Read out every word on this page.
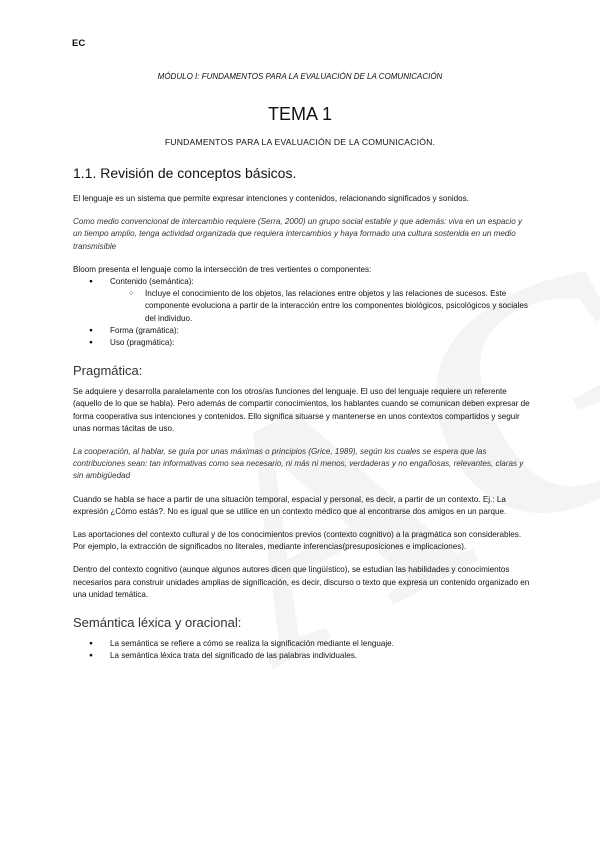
EC
MÓDULO I: FUNDAMENTOS PARA LA EVALUACIÓN DE LA COMUNICACIÓN
TEMA 1
FUNDAMENTOS PARA LA EVALUACIÓN DE LA COMUNICACIÓN.
1.1. Revisión de conceptos básicos.

El lenguaje es un sistema que permite expresar intenciones y contenidos, relacionando significados y sonidos.

Como medio convencional de intercambio requiere (Serra, 2000) un grupo social estable y que además: viva en un espacio y un tiempo amplio, tenga actividad organizada que requiera intercambios y haya formado una cultura sostenida en un medio transmisible

Bloom presenta el lenguaje como la intersección de tres vertientes o componentes:

● Contenido (semántica):
○ Incluye el conocimiento de los objetos, las relaciones entre objetos y las relaciones de sucesos. Este componente evoluciona a partir de la interacción entre los componentes biológicos, psicológicos y sociales del individuo.
● Forma (gramática):
● Uso (pragmática):
Pragmática:

Se adquiere y desarrolla paralelamente con los otros/as funciones del lenguaje. El uso del lenguaje requiere un referente (aquello de lo que se habla). Pero además de compartir conocimientos, los hablantes cuando se comunican deben expresar de forma cooperativa sus intenciones y contenidos. Ello significa situarse y mantenerse en unos contextos compartidos y seguir unas normas tácitas de uso.

La cooperación, al hablar, se guía por unas máximas o principios (Grice, 1989), según los cuales se espera que las contribuciones sean: tan informativas como sea necesario, ni más ni menos, verdaderas y no engañosas, relevantes, claras y sin ambigüedad

Cuando se habla se hace a partir de una situación temporal, espacial y personal, es decir, a partir de un contexto. Ej.: La expresión ¿Cómo estás?. No es igual que se utilice en un contexto médico que al encontrarse dos amigos en un parque.

Las aportaciones del contexto cultural y de los conocimientos previos (contexto cognitivo) a la pragmática son considerables. Por ejemplo, la extracción de significados no literales, mediante inferencias(presuposiciones e implicaciones).

Dentro del contexto cognitivo (aunque algunos autores dicen que lingüístico), se estudian las habilidades y conocimientos necesarios para construir unidades amplias de significación, es decir, discurso o texto que expresa un contenido organizado en una unidad temática.

Semántica léxica y oracional:
● La semántica se refiere a cómo se realiza la significación mediante el lenguaje.
● La semántica léxica trata del significado de las palabras individuales.
